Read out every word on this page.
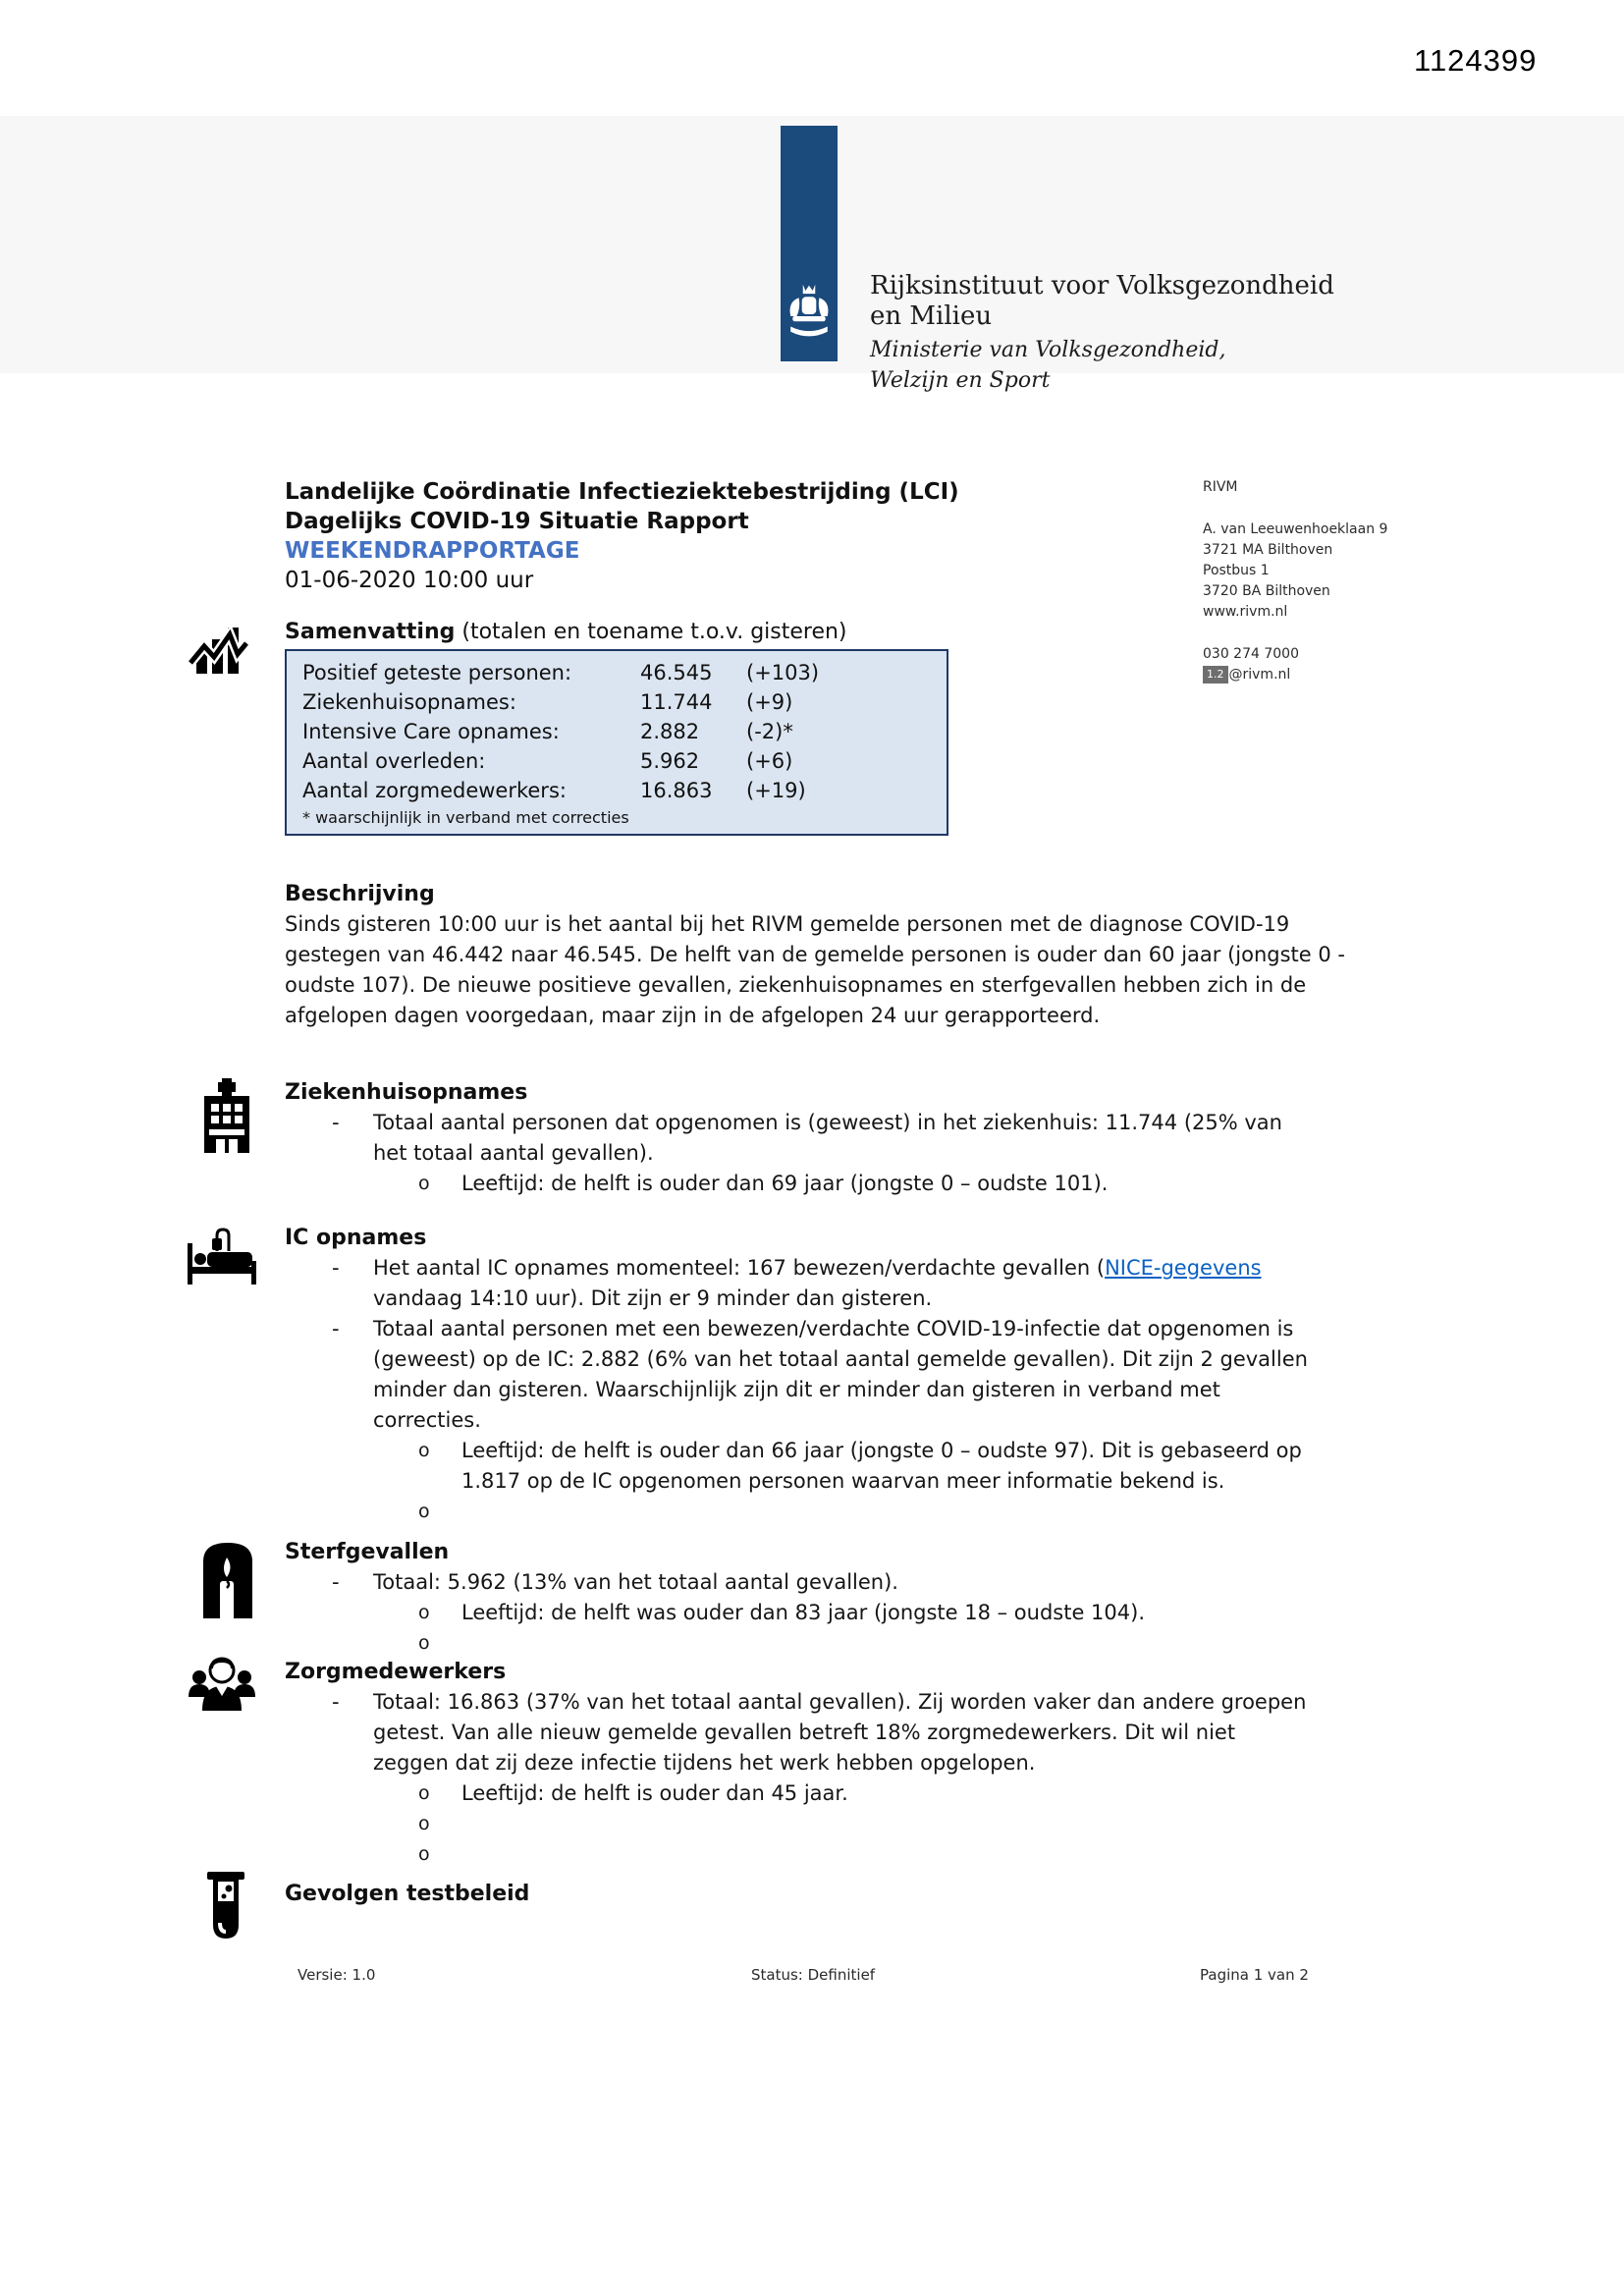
1124399
Rijksinstituut voor Volksgezondheid
en Milieu
Ministerie van Volksgezondheid,
Welzijn en Sport
Landelijke Coördinatie Infectieziektebestrijding (LCI)
Dagelijks COVID-19 Situatie Rapport
WEEKENDRAPPORTAGE
01-06-2020 10:00 uur
RIVM
A. van Leeuwenhoeklaan 9
3721 MA Bilthoven
Postbus 1
3720 BA Bilthoven
www.rivm.nl
030 274 7000
1.2 @rivm.nl
Samenvatting (totalen en toename t.o.v. gisteren)
Positief geteste personen:	46.545	(+103)
Ziekenhuisopnames:	11.744	(+9)
Intensive Care opnames:	2.882	(-2)*
Aantal overleden:	5.962	(+6)
Aantal zorgmedewerkers:	16.863	(+19)
* waarschijnlijk in verband met correcties
Beschrijving
Sinds gisteren 10:00 uur is het aantal bij het RIVM gemelde personen met de diagnose COVID-19 gestegen van 46.442 naar 46.545. De helft van de gemelde personen is ouder dan 60 jaar (jongste 0 - oudste 107). De nieuwe positieve gevallen, ziekenhuisopnames en sterfgevallen hebben zich in de afgelopen dagen voorgedaan, maar zijn in de afgelopen 24 uur gerapporteerd.
Ziekenhuisopnames
-	Totaal aantal personen dat opgenomen is (geweest) in het ziekenhuis: 11.744 (25% van het totaal aantal gevallen).
o	Leeftijd: de helft is ouder dan 69 jaar (jongste 0 – oudste 101).
IC opnames
-	Het aantal IC opnames momenteel: 167 bewezen/verdachte gevallen (NICE-gegevens vandaag 14:10 uur). Dit zijn er 9 minder dan gisteren.
-	Totaal aantal personen met een bewezen/verdachte COVID-19-infectie dat opgenomen is (geweest) op de IC: 2.882 (6% van het totaal aantal gemelde gevallen). Dit zijn 2 gevallen minder dan gisteren. Waarschijnlijk zijn dit er minder dan gisteren in verband met correcties.
o	Leeftijd: de helft is ouder dan 66 jaar (jongste 0 – oudste 97). Dit is gebaseerd op 1.817 op de IC opgenomen personen waarvan meer informatie bekend is.
o
Sterfgevallen
-	Totaal: 5.962 (13% van het totaal aantal gevallen).
o	Leeftijd: de helft was ouder dan 83 jaar (jongste 18 – oudste 104).
o
Zorgmedewerkers
-	Totaal: 16.863 (37% van het totaal aantal gevallen). Zij worden vaker dan andere groepen getest. Van alle nieuw gemelde gevallen betreft 18% zorgmedewerkers. Dit wil niet zeggen dat zij deze infectie tijdens het werk hebben opgelopen.
o	Leeftijd: de helft is ouder dan 45 jaar.
o
o
Gevolgen testbeleid
Versie: 1.0	Status: Definitief	Pagina 1 van 2
